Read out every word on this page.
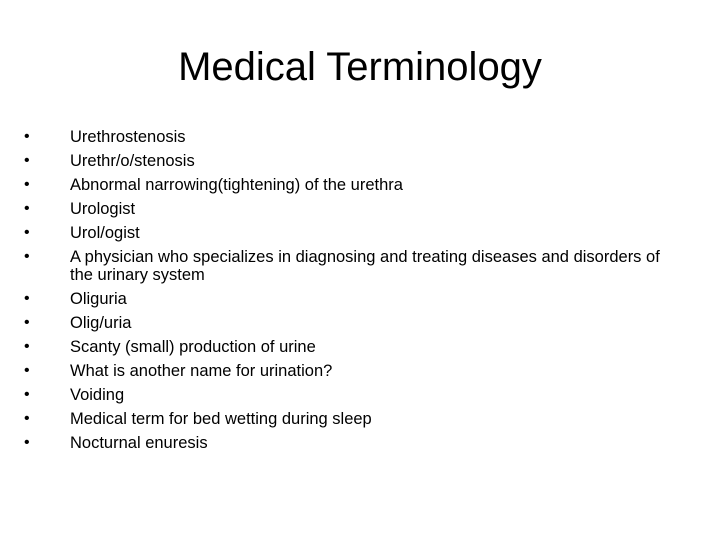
Medical Terminology
•	Urethrostenosis
•	Urethr/o/stenosis
•	Abnormal narrowing(tightening) of the urethra
•	Urologist
•	Urol/ogist
•	A physician who specializes in diagnosing and treating diseases and disorders of the urinary system
•	Oliguria
•	Olig/uria
•	Scanty (small) production of urine
•	What is another name for urination?
•	Voiding
•	Medical term for bed wetting during sleep
•	Nocturnal enuresis
